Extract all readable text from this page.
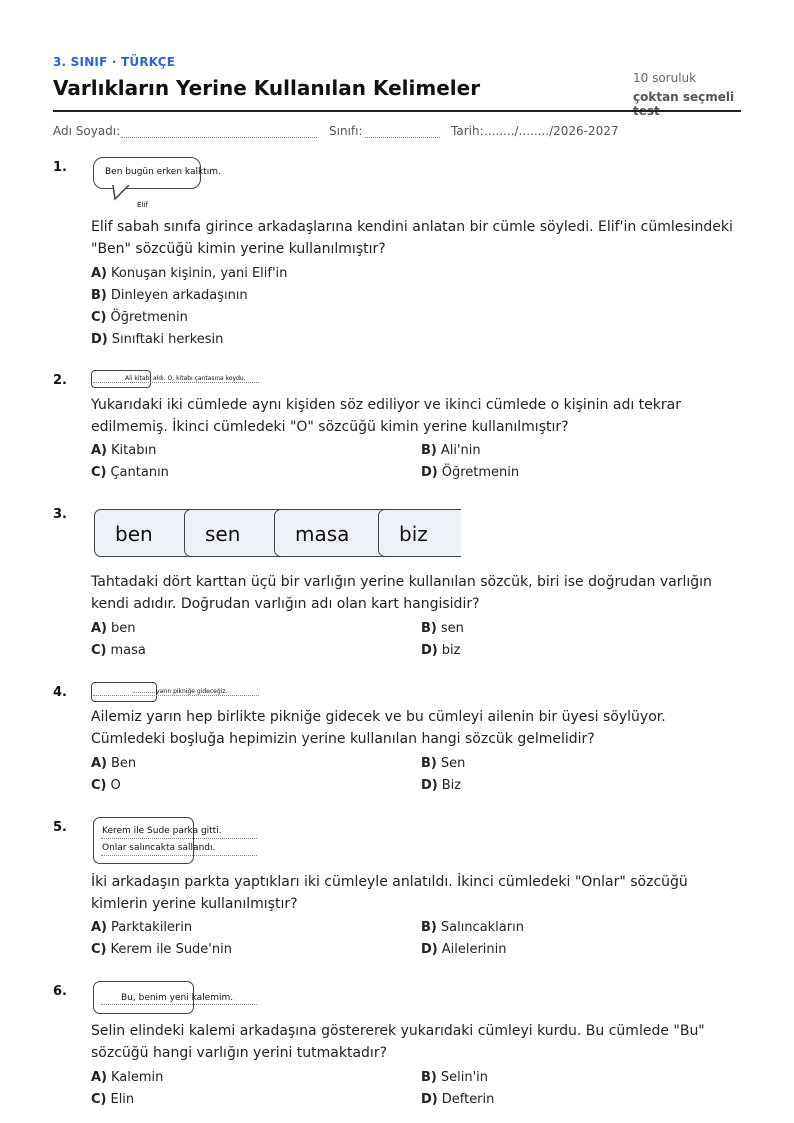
3. SINIF · TÜRKÇE
Varlıkların Yerine Kullanılan Kelimeler	10 soruluk
çoktan seçmeli
Adı Soyadı:	Sınıfı:	Tarih: ......../......../2026-2027
1.	Ben bugün erken kalktım.
Elif
Elif sabah sınıfa girince arkadaşlarına kendini anlatan bir cümle söyledi. Elif'in cümlesindeki "Ben" sözcüğü kimin yerine kullanılmıştır?
A) Konuşan kişinin, yani Elif'in
B) Dinleyen arkadaşının
C) Öğretmenin
D) Sınıftaki herkesin
2.	Ali kitabı aldı. O, kitabı çantasına koydu.
Yukarıdaki iki cümlede aynı kişiden söz ediliyor ve ikinci cümlede o kişinin adı tekrar edilmemiş. İkinci cümledeki "O" sözcüğü kimin yerine kullanılmıştır?
A) Kitabın	B) Ali'nin
C) Çantanın	D) Öğretmenin
3.
ben	sen	masa	biz
Tahtadaki dört karttan üçü bir varlığın yerine kullanılan sözcük, biri ise doğrudan varlığın kendi adıdır. Doğrudan varlığın adı olan kart hangisidir?
A) ben	B) sen
C) masa	D) biz
4.	yarın pikniğe gideceğiz.
Ailemiz yarın hep birlikte pikniğe gidecek ve bu cümleyi ailenin bir üyesi söylüyor. Cümledeki boşluğa hepimizin yerine kullanılan hangi sözcük gelmelidir?
A) Ben	B) Sen
C) O	D) Biz
5.	Kerem ile Sude parka gitti.
Onlar salıncakta sallandı.
İki arkadaşın parkta yaptıkları iki cümleyle anlatıldı. İkinci cümledeki "Onlar" sözcüğü kimlerin yerine kullanılmıştır?
A) Parktakilerin	B) Salıncakların
C) Kerem ile Sude'nin	D) Ailelerinin
6.	Bu, benim yeni kalemim.
Selin elindeki kalemi arkadaşına göstererek yukarıdaki cümleyi kurdu. Bu cümlede "Bu" sözcüğü hangi varlığın yerini tutmaktadır?
A) Kalemin	B) Selin'in
C) Elin	D) Defterin
